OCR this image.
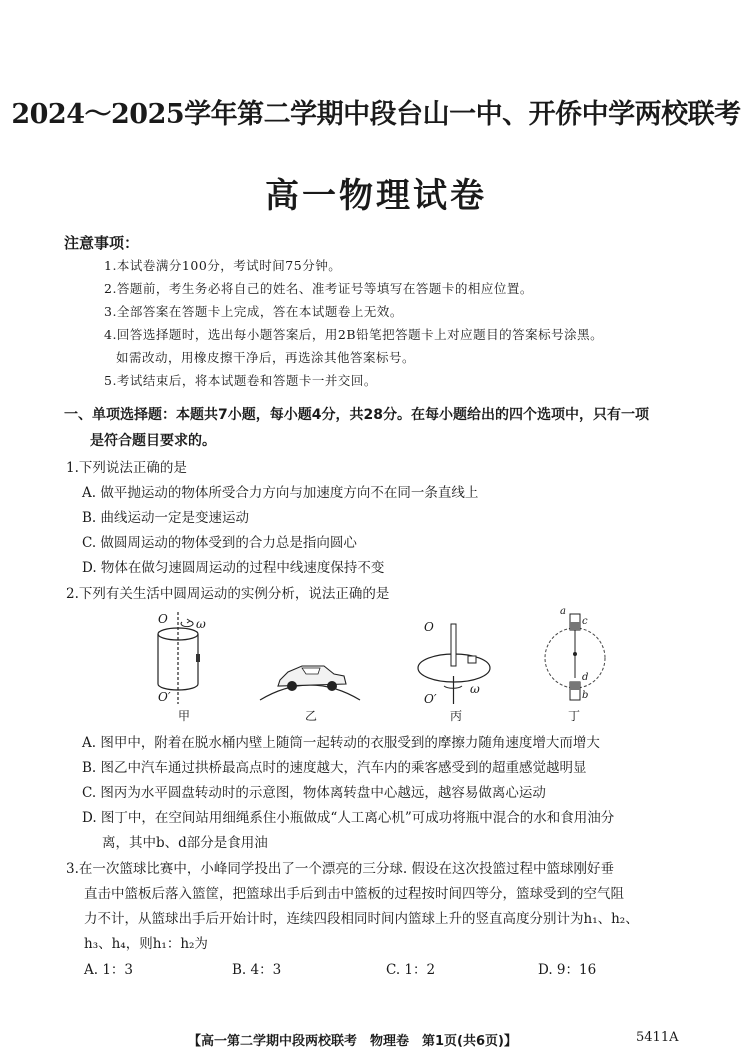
2024～2025学年第二学期中段台山一中、开侨中学两校联考
高一物理试卷
注意事项：
1.本试卷满分100分，考试时间75分钟。
2.答题前，考生务必将自己的姓名、准考证号等填写在答题卡的相应位置。
3.全部答案在答题卡上完成，答在本试题卷上无效。
4.回答选择题时，选出每小题答案后，用2B铅笔把答题卡上对应题目的答案标号涂黑。
如需改动，用橡皮擦干净后，再选涂其他答案标号。
5.考试结束后，将本试题卷和答题卡一并交回。
一、单项选择题：本题共7小题，每小题4分，共28分。在每小题给出的四个选项中，只有一项
是符合题目要求的。
1.下列说法正确的是
A. 做平抛运动的物体所受合力方向与加速度方向不在同一条直线上
B. 曲线运动一定是变速运动
C. 做圆周运动的物体受到的合力总是指向圆心
D. 物体在做匀速圆周运动的过程中线速度保持不变
2.下列有关生活中圆周运动的实例分析，说法正确的是
O ω
O′
甲	乙
O
ω
O′
丙
a
c
d
b
丁
A. 图甲中，附着在脱水桶内壁上随筒一起转动的衣服受到的摩擦力随角速度增大而增大
B. 图乙中汽车通过拱桥最高点时的速度越大，汽车内的乘客感受到的超重感觉越明显
C. 图丙为水平圆盘转动时的示意图，物体离转盘中心越远，越容易做离心运动
D. 图丁中，在空间站用细绳系住小瓶做成“人工离心机”可成功将瓶中混合的水和食用油分
离，其中b、d部分是食用油
3.在一次篮球比赛中，小峰同学投出了一个漂亮的三分球. 假设在这次投篮过程中篮球刚好垂
直击中篮板后落入篮筐，把篮球出手后到击中篮板的过程按时间四等分，篮球受到的空气阻
力不计，从篮球出手后开始计时，连续四段相同时间内篮球上升的竖直高度分别计为h₁、h₂、
h₃、h₄，则h₁：h₂为
A. 1：3	B. 4：3	C. 1：2	D. 9：16
【高一第二学期中段两校联考　物理卷　第1页(共6页)】	5411A
